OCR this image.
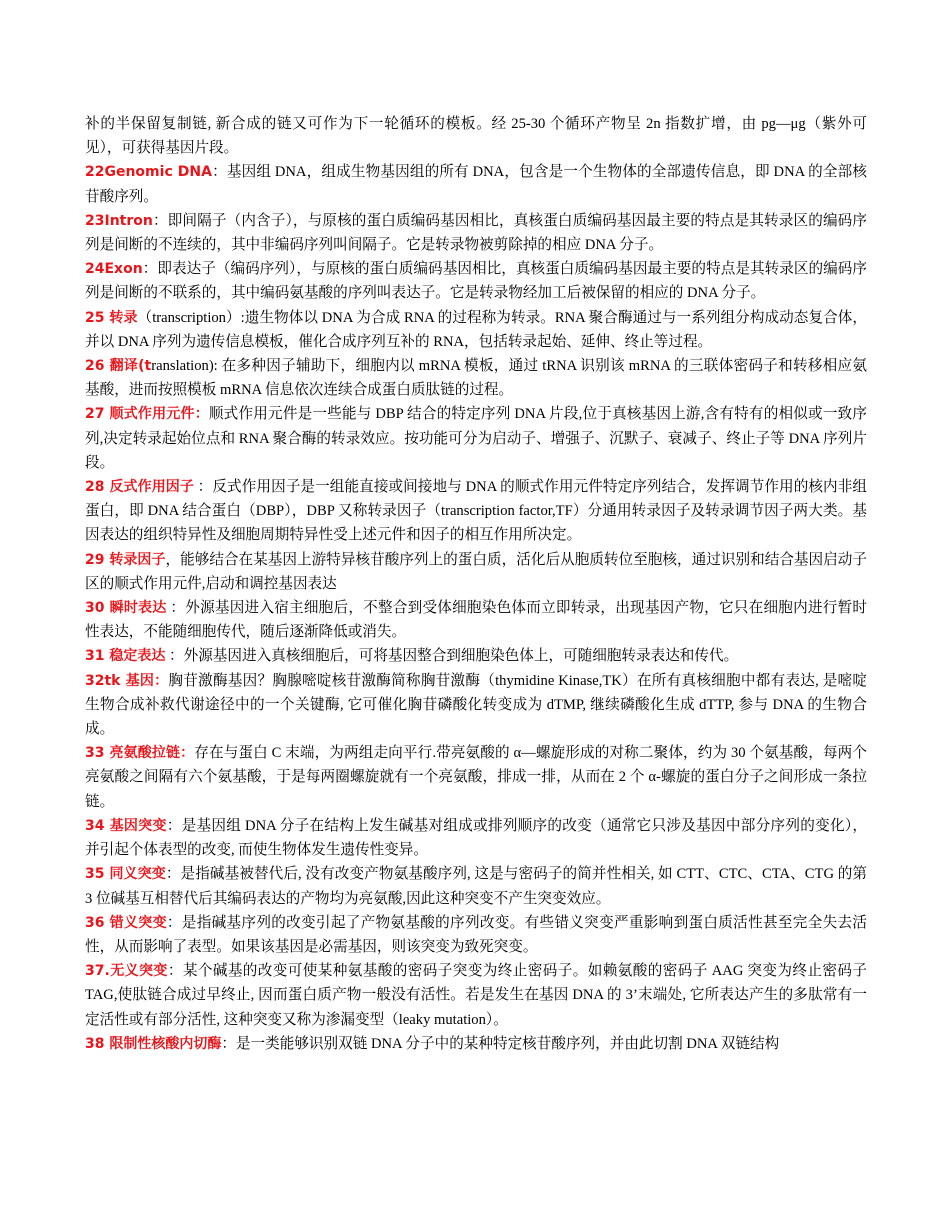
补的半保留复制链, 新合成的链又可作为下一轮循环的模板。经 25-30 个循环产物呈 2n 指数扩增，由 pg—μg（紫外可见），可获得基因片段。

22Genomic DNA：基因组 DNA，组成生物基因组的所有 DNA，包含是一个生物体的全部遗传信息，即 DNA 的全部核苷酸序列。

23Intron：即间隔子（内含子），与原核的蛋白质编码基因相比，真核蛋白质编码基因最主要的特点是其转录区的编码序列是间断的不连续的，其中非编码序列叫间隔子。它是转录物被剪除掉的相应 DNA 分子。

24Exon：即表达子（编码序列），与原核的蛋白质编码基因相比，真核蛋白质编码基因最主要的特点是其转录区的编码序列是间断的不联系的，其中编码氨基酸的序列叫表达子。它是转录物经加工后被保留的相应的 DNA 分子。

25 转录（transcription）:遗生物体以 DNA 为合成 RNA 的过程称为转录。RNA 聚合酶通过与一系列组分构成动态复合体，并以 DNA 序列为遗传信息模板，催化合成序列互补的 RNA，包括转录起始、延伸、终止等过程。

26 翻译(translation): 在多种因子辅助下，细胞内以 mRNA 模板，通过 tRNA 识别该 mRNA 的三联体密码子和转移相应氨基酸，进而按照模板 mRNA 信息依次连续合成蛋白质肽链的过程。

27 顺式作用元件：顺式作用元件是一些能与 DBP 结合的特定序列 DNA 片段,位于真核基因上游,含有特有的相似或一致序列,决定转录起始位点和 RNA 聚合酶的转录效应。按功能可分为启动子、增强子、沉默子、衰减子、终止子等 DNA 序列片段。

28 反式作用因子 ：反式作用因子是一组能直接或间接地与 DNA 的顺式作用元件特定序列结合，发挥调节作用的核内非组蛋白，即 DNA 结合蛋白（DBP），DBP 又称转录因子（transcription factor,TF）分通用转录因子及转录调节因子两大类。基因表达的组织特异性及细胞周期特异性受上述元件和因子的相互作用所决定。

29 转录因子，能够结合在某基因上游特异核苷酸序列上的蛋白质，活化后从胞质转位至胞核，通过识别和结合基因启动子区的顺式作用元件,启动和调控基因表达

30 瞬时表达 ：外源基因进入宿主细胞后，不整合到受体细胞染色体而立即转录，出现基因产物，它只在细胞内进行暂时性表达，不能随细胞传代，随后逐渐降低或消失。

31 稳定表达 ：外源基因进入真核细胞后，可将基因整合到细胞染色体上，可随细胞转录表达和传代。

32tk 基因：胸苷激酶基因？胸腺嘧啶核苷激酶简称胸苷激酶（thymidine Kinase,TK）在所有真核细胞中都有表达, 是嘧啶生物合成补救代谢途径中的一个关键酶, 它可催化胸苷磷酸化转变成为 dTMP, 继续磷酸化生成 dTTP, 参与 DNA 的生物合成。

33 亮氨酸拉链：存在与蛋白 C 末端，为两组走向平行.带亮氨酸的 α—螺旋形成的对称二聚体，约为 30 个氨基酸，每两个亮氨酸之间隔有六个氨基酸，于是每两圈螺旋就有一个亮氨酸，排成一排，从而在 2 个 α-螺旋的蛋白分子之间形成一条拉链。

34 基因突变：是基因组 DNA 分子在结构上发生碱基对组成或排列顺序的改变（通常它只涉及基因中部分序列的变化），并引起个体表型的改变, 而使生物体发生遗传性变异。

35 同义突变：是指碱基被替代后, 没有改变产物氨基酸序列, 这是与密码子的简并性相关, 如 CTT、CTC、CTA、CTG 的第 3 位碱基互相替代后其编码表达的产物均为亮氨酸,因此这种突变不产生突变效应。

36 错义突变：是指碱基序列的改变引起了产物氨基酸的序列改变。有些错义突变严重影响到蛋白质活性甚至完全失去活性，从而影响了表型。如果该基因是必需基因，则该突变为致死突变。

37.无义突变：某个碱基的改变可使某种氨基酸的密码子突变为终止密码子。如赖氨酸的密码子 AAG 突变为终止密码子 TAG,使肽链合成过早终止, 因而蛋白质产物一般没有活性。若是发生在基因 DNA 的 3’末端处, 它所表达产生的多肽常有一定活性或有部分活性, 这种突变又称为渗漏变型（leaky mutation）。

38 限制性核酸内切酶：是一类能够识别双链 DNA 分子中的某种特定核苷酸序列，并由此切割 DNA 双链结构
